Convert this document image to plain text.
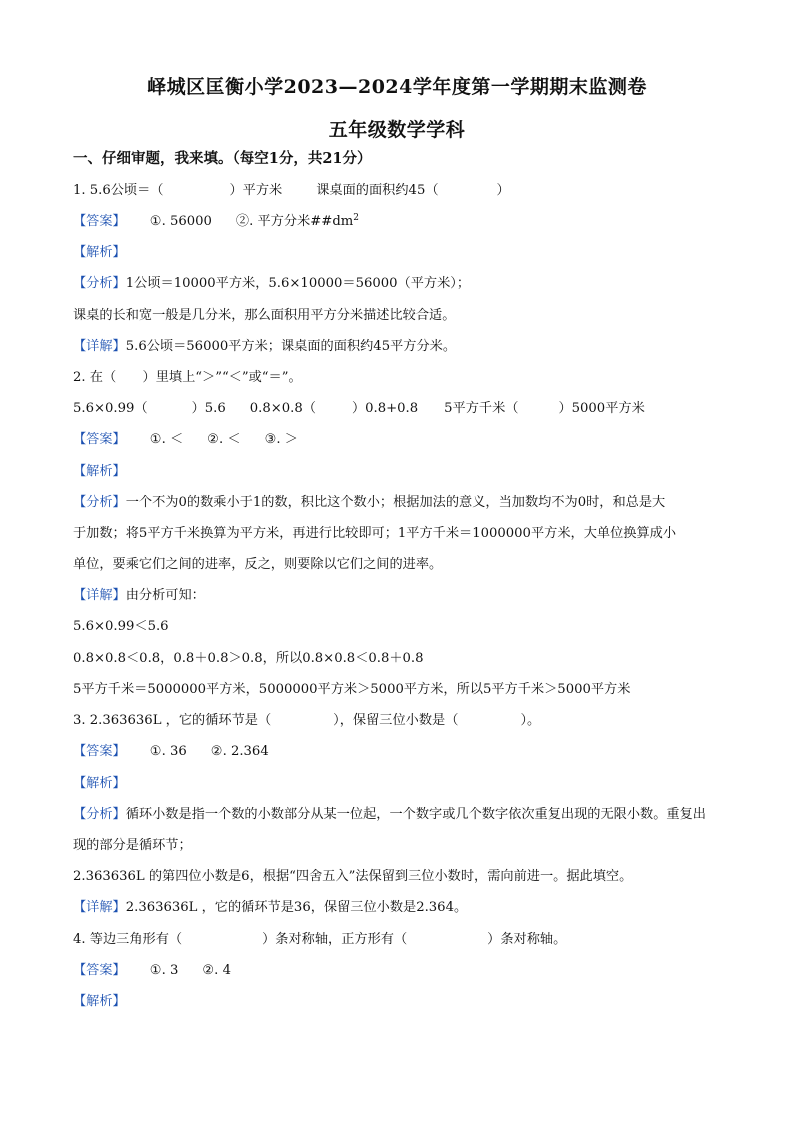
峄城区匡衡小学2023—2024学年度第一学期期末监测卷
五年级数学学科
一、仔细审题，我来填。（每空1分，共21分）
1. 5.6公顷＝（	）平方米	课桌面的面积约45（	）
【答案】 ①. 56000 ②. 平方分米$\#\#dm^2$
【解析】
【分析】1公顷＝10000平方米，5.6×10000＝56000（平方米）；
课桌的长和宽一般是几分米，那么面积用平方分米描述比较合适。
【详解】5.6公顷＝56000平方米；课桌面的面积约45平方分米。
2. 在（　　）里填上“＞”“＜”或“＝”。
5.6×0.99（	）5.6 0.8×0.8（	）0.8+0.8 5平方千米（	）5000平方米
【答案】 ①. ＜ ②. ＜ ③. ＞
【解析】
【分析】一个不为0的数乘小于1的数，积比这个数小；根据加法的意义，当加数均不为0时，和总是大
于加数；将5平方千米换算为平方米，再进行比较即可；1平方千米＝1000000平方米，大单位换算成小
单位，要乘它们之间的进率，反之，则要除以它们之间的进率。
【详解】由分析可知：
5.6×0.99＜5.6
0.8×0.8＜0.8，0.8＋0.8＞0.8，所以0.8×0.8＜0.8＋0.8
5平方千米＝5000000平方米，5000000平方米＞5000平方米，所以5平方千米＞5000平方米
3. 2.363636L ，它的循环节是（	），保留三位小数是（	）。
【答案】 ①. 36 ②. 2.364
【解析】
【分析】循环小数是指一个数的小数部分从某一位起，一个数字或几个数字依次重复出现的无限小数。重复出
现的部分是循环节；
2.363636L 的第四位小数是6，根据“四舍五入”法保留到三位小数时，需向前进一。据此填空。
【详解】2.363636L ，它的循环节是36，保留三位小数是2.364。
4. 等边三角形有（	）条对称轴，正方形有（	）条对称轴。
【答案】 ①. 3 ②. 4
【解析】
